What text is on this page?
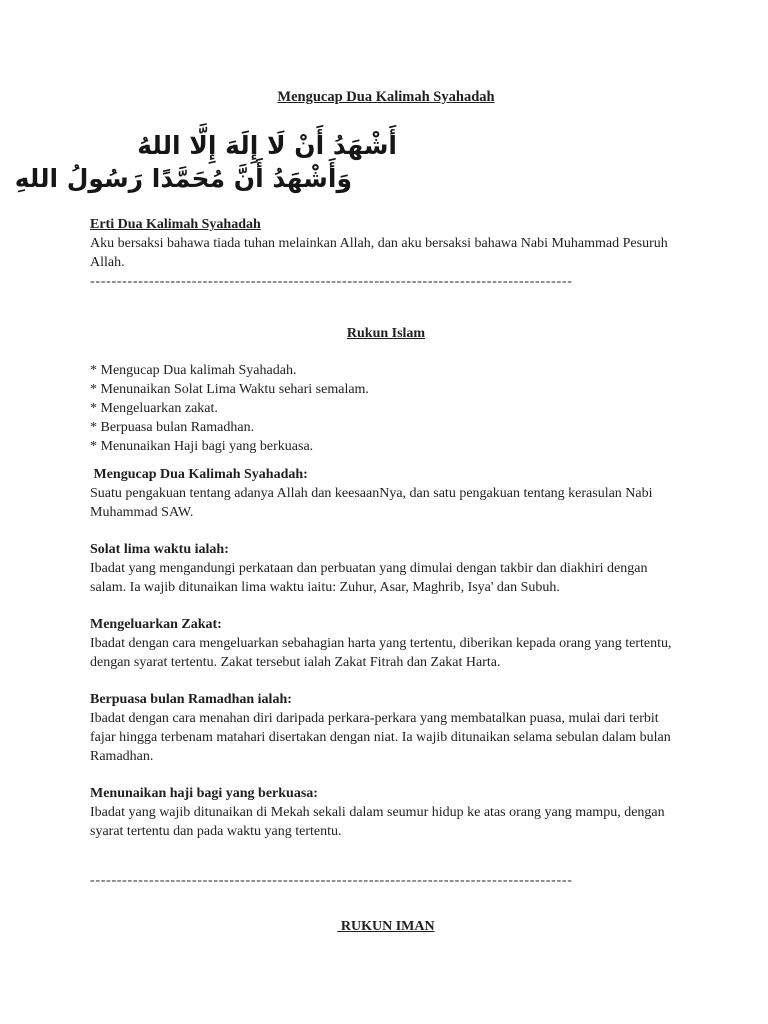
Mengucap Dua Kalimah Syahadah
أَشْهَدُ أَنْ لَا إِلَهَ إِلَّا اللهُ
وَأَشْهَدُ أَنَّ مُحَمَّدًا رَسُولُ اللهِ
Erti Dua Kalimah Syahadah
Aku bersaksi bahawa tiada tuhan melainkan Allah, dan aku bersaksi bahawa Nabi Muhammad Pesuruh Allah.
------------------------------------------------------------------------------------------
Rukun Islam
* Mengucap Dua kalimah Syahadah.
* Menunaikan Solat Lima Waktu sehari semalam.
* Mengeluarkan zakat.
* Berpuasa bulan Ramadhan.
* Menunaikan Haji bagi yang berkuasa.
Mengucap Dua Kalimah Syahadah:
Suatu pengakuan tentang adanya Allah dan keesaanNya, dan satu pengakuan tentang kerasulan Nabi Muhammad SAW.
Solat lima waktu ialah:
Ibadat yang mengandungi perkataan dan perbuatan yang dimulai dengan takbir dan diakhiri dengan salam. Ia wajib ditunaikan lima waktu iaitu: Zuhur, Asar, Maghrib, Isya' dan Subuh.
Mengeluarkan Zakat:
Ibadat dengan cara mengeluarkan sebahagian harta yang tertentu, diberikan kepada orang yang tertentu, dengan syarat tertentu. Zakat tersebut ialah Zakat Fitrah dan Zakat Harta.
Berpuasa bulan Ramadhan ialah:
Ibadat dengan cara menahan diri daripada perkara-perkara yang membatalkan puasa, mulai dari terbit fajar hingga terbenam matahari disertakan dengan niat. Ia wajib ditunaikan selama sebulan dalam bulan Ramadhan.
Menunaikan haji bagi yang berkuasa:
Ibadat yang wajib ditunaikan di Mekah sekali dalam seumur hidup ke atas orang yang mampu, dengan syarat tertentu dan pada waktu yang tertentu.
------------------------------------------------------------------------------------------
RUKUN IMAN
